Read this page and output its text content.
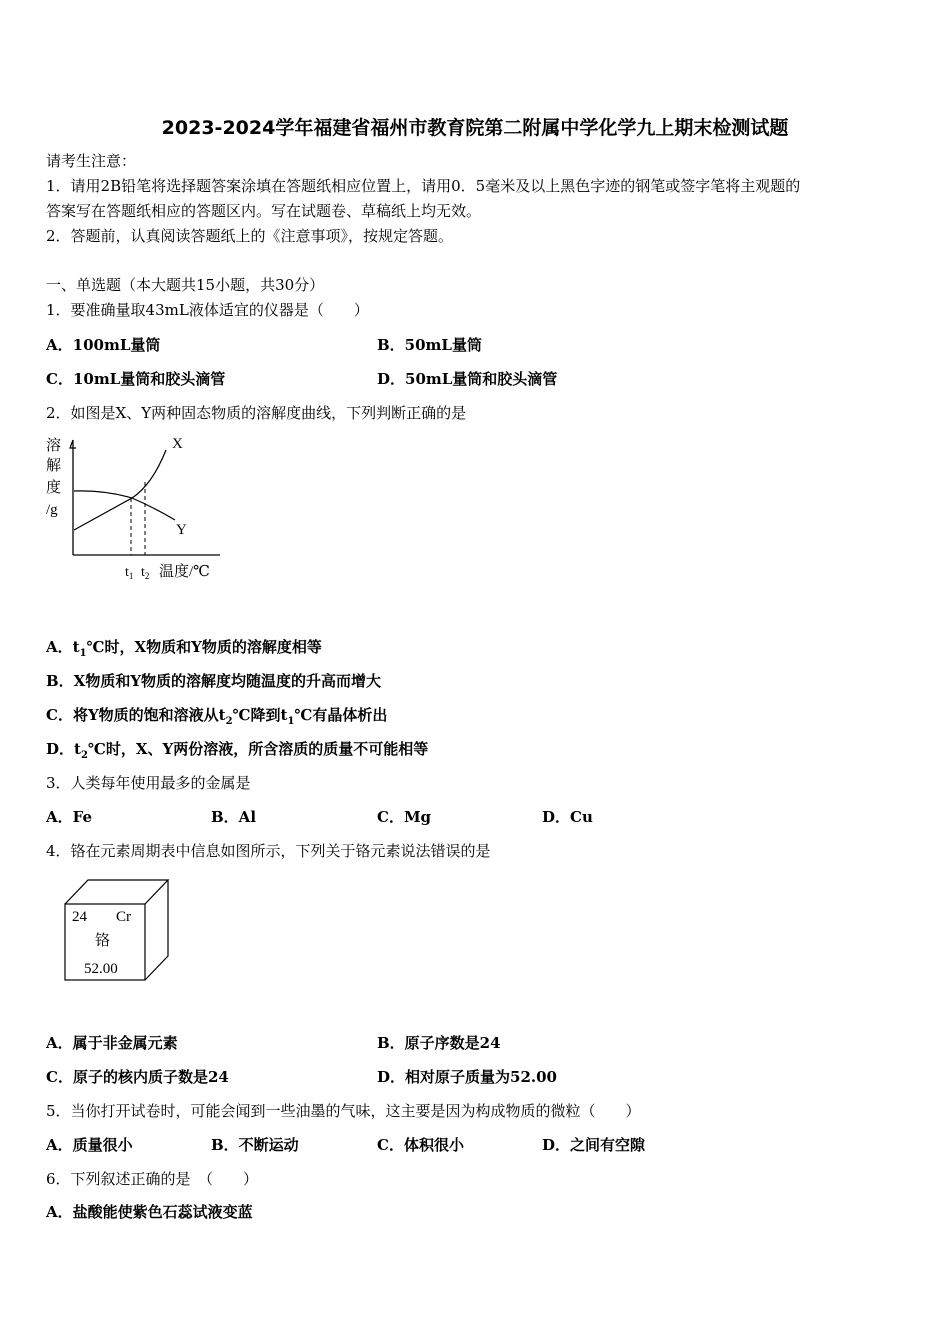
2023-2024学年福建省福州市教育院第二附属中学化学九上期末检测试题
请考生注意：
1．请用2B铅笔将选择题答案涂填在答题纸相应位置上，请用0．5毫米及以上黑色字迹的钢笔或签字笔将主观题的
答案写在答题纸相应的答题区内。写在试题卷、草稿纸上均无效。
2．答题前，认真阅读答题纸上的《注意事项》，按规定答题。
一、单选题（本大题共15小题，共30分）
1．要准确量取43mL液体适宜的仪器是（　　）
A．100mL量筒	B．50mL量筒
C．10mL量筒和胶头滴管	D．50mL量筒和胶头滴管
2．如图是X、Y两种固态物质的溶解度曲线，下列判断正确的是
溶
解
度
/g
X
Y
$t_1$ $t_2$ 温度/℃
A．$t_1℃$时，X物质和Y物质的溶解度相等
B．X物质和Y物质的溶解度均随温度的升高而增大
C．将Y物质的饱和溶液从$t_2℃$降到$t_1℃$有晶体析出
D．$t_2℃$时，X、Y两份溶液，所含溶质的质量不可能相等
3．人类每年使用最多的金属是
A．Fe	B．Al	C．Mg	D．Cu
4．铬在元素周期表中信息如图所示，下列关于铬元素说法错误的是
24 Cr
铬
52.00
A．属于非金属元素	B．原子序数是24
C．原子的核内质子数是24	D．相对原子质量为52.00
5．当你打开试卷时，可能会闻到一些油墨的气味，这主要是因为构成物质的微粒（　　）
A．质量很小	B．不断运动	C．体积很小	D．之间有空隙
6．下列叙述正确的是　（　　）
A．盐酸能使紫色石蕊试液变蓝
